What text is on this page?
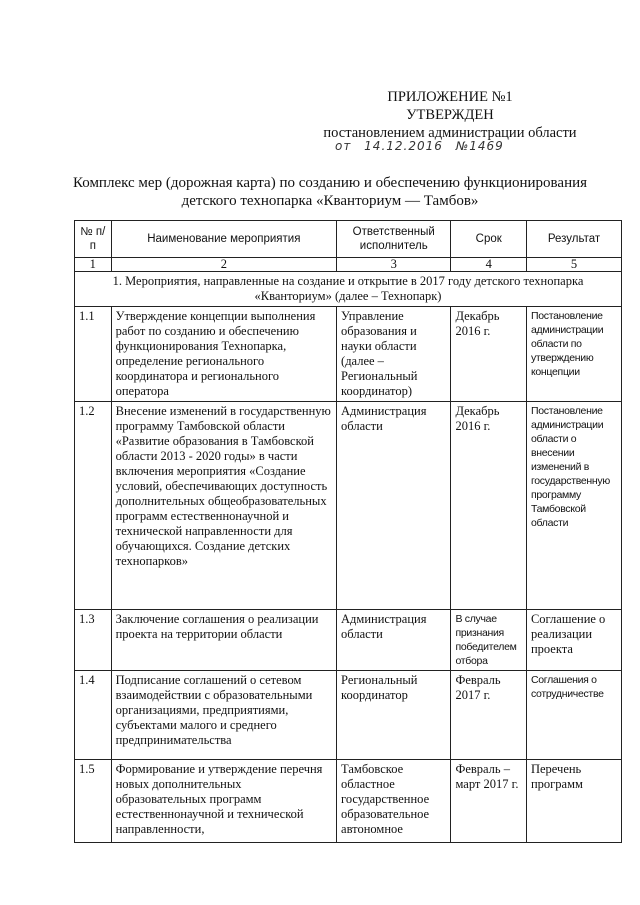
ПРИЛОЖЕНИЕ №1
УТВЕРЖДЕН
постановлением администрации области
от 14.12.2016 №1469
Комплекс мер (дорожная карта) по созданию и обеспечению функционирования
детского технопарка «Кванториум — Тамбов»
№ п/п	Наименование мероприятия	Ответственный исполнитель	Срок	Результат
1	2	3	4	5
1. Мероприятия, направленные на создание и открытие в 2017 году детского технопарка «Кванториум» (далее – Технопарк)				
1.1	Утверждение концепции выполнения работ по созданию и обеспечению функционирования Технопарка, определение регионального координатора и регионального оператора	Управление образования и науки области (далее – Региональный координатор)	Декабрь 2016 г.	Постановление администрации области по утверждению концепции
1.2	Внесение изменений в государственную программу Тамбовской области «Развитие образования в Тамбовской области 2013 - 2020 годы» в части включения мероприятия «Создание условий, обеспечивающих доступность дополнительных общеобразовательных программ естественнонаучной и технической направленности для обучающихся. Создание детских технопарков»	Администрация области	Декабрь 2016 г.	Постановление администрации области о внесении изменений в государственную программу Тамбовской области
1.3	Заключение соглашения о реализации проекта на территории области	Администрация области	В случае признания победителем отбора	Соглашение о реализации проекта
1.4	Подписание соглашений о сетевом взаимодействии с образовательными организациями, предприятиями, субъектами малого и среднего предпринимательства	Региональный координатор	Февраль 2017 г.	Соглашения о сотрудничестве
1.5	Формирование и утверждение перечня новых дополнительных образовательных программ естественнонаучной и технической направленности,	Тамбовское областное государственное образовательное автономное	Февраль – март 2017 г.	Перечень программ
